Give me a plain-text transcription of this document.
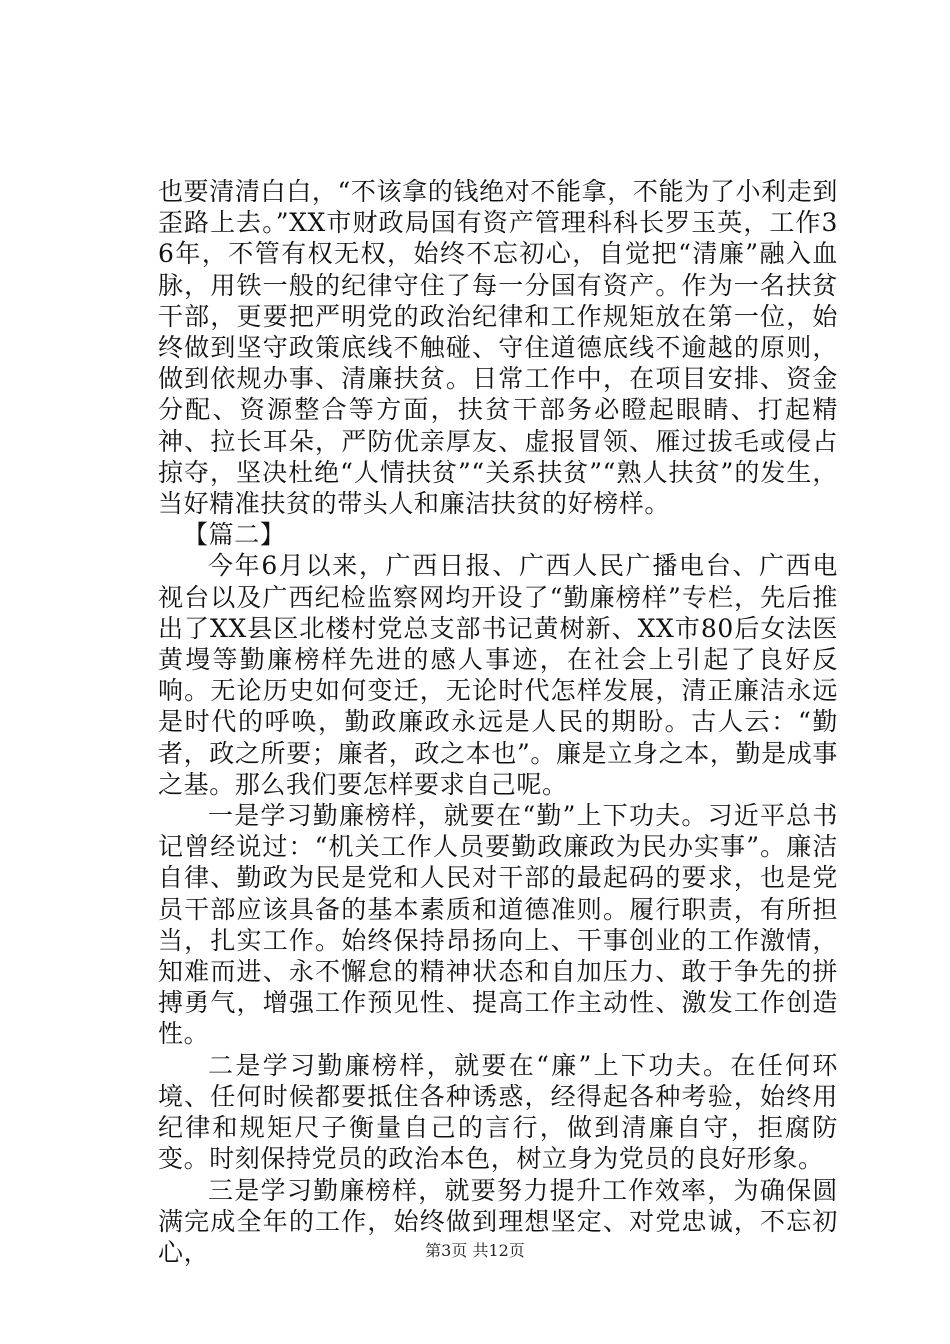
也要清清白白，“不该拿的钱绝对不能拿，不能为了小利走到歪路上去。”XX市财政局国有资产管理科科长罗玉英，工作36年，不管有权无权，始终不忘初心，自觉把“清廉”融入血脉，用铁一般的纪律守住了每一分国有资产。作为一名扶贫干部，更要把严明党的政治纪律和工作规矩放在第一位，始终做到坚守政策底线不触碰、守住道德底线不逾越的原则，做到依规办事、清廉扶贫。日常工作中，在项目安排、资金分配、资源整合等方面，扶贫干部务必瞪起眼睛、打起精神、拉长耳朵，严防优亲厚友、虚报冒领、雁过拔毛或侵占掠夺，坚决杜绝“人情扶贫”“关系扶贫”“熟人扶贫”的发生，当好精准扶贫的带头人和廉洁扶贫的好榜样。

【篇二】

今年6月以来，广西日报、广西人民广播电台、广西电视台以及广西纪检监察网均开设了“勤廉榜样”专栏，先后推出了XX县区北楼村党总支部书记黄树新、XX市80后女法医黄墁等勤廉榜样先进的感人事迹，在社会上引起了良好反响。无论历史如何变迁，无论时代怎样发展，清正廉洁永远是时代的呼唤，勤政廉政永远是人民的期盼。古人云：“勤者，政之所要；廉者，政之本也”。廉是立身之本，勤是成事之基。那么我们要怎样要求自己呢。

一是学习勤廉榜样，就要在“勤”上下功夫。习近平总书记曾经说过：“机关工作人员要勤政廉政为民办实事”。廉洁自律、勤政为民是党和人民对干部的最起码的要求，也是党员干部应该具备的基本素质和道德准则。履行职责，有所担当，扎实工作。始终保持昂扬向上、干事创业的工作激情，知难而进、永不懈怠的精神状态和自加压力、敢于争先的拼搏勇气，增强工作预见性、提高工作主动性、激发工作创造性。

二是学习勤廉榜样，就要在“廉”上下功夫。在任何环境、任何时候都要抵住各种诱惑，经得起各种考验，始终用纪律和规矩尺子衡量自己的言行，做到清廉自守，拒腐防变。时刻保持党员的政治本色，树立身为党员的良好形象。

三是学习勤廉榜样，就要努力提升工作效率，为确保圆满完成全年的工作，始终做到理想坚定、对党忠诚，不忘初心，	第3页 共12页
